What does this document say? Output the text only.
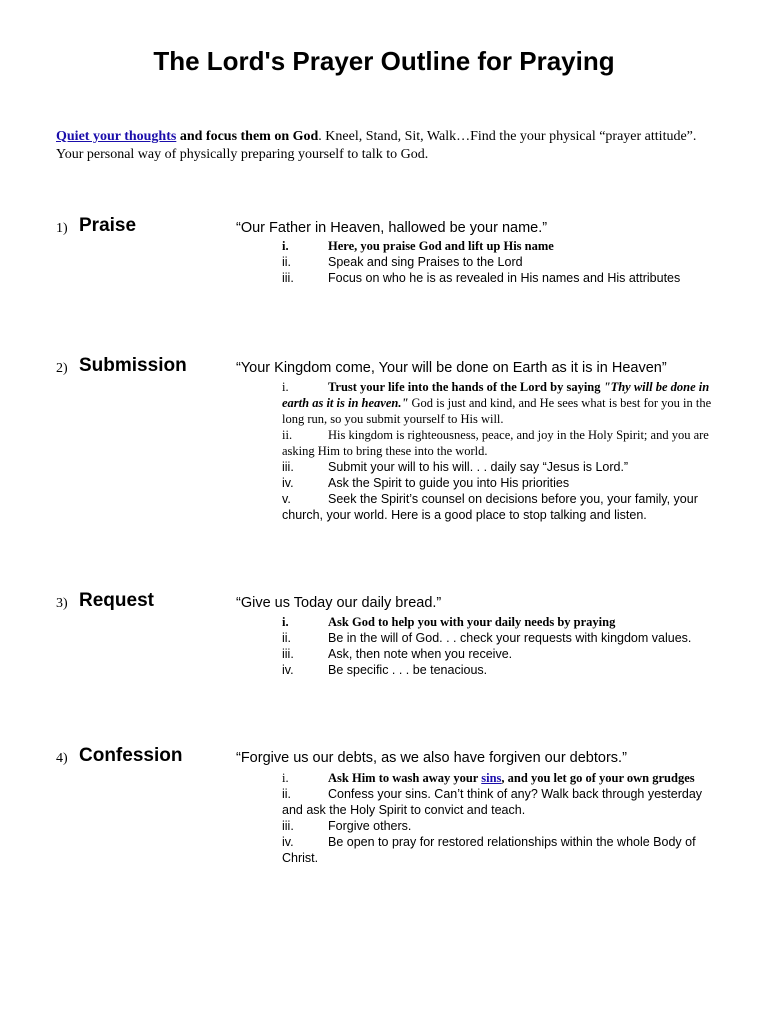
The Lord's Prayer Outline for Praying
Quiet your thoughts and focus them on God. Kneel, Stand, Sit, Walk…Find the your physical “prayer attitude”. Your personal way of physically preparing yourself to talk to God.
1) Praise	“Our Father in Heaven, hallowed be your name.”

i.	Here, you praise God and lift up His name

ii.	Speak and sing Praises to the Lord

iii.	Focus on who he is as revealed in His names and His attributes

2) Submission	“Your Kingdom come, Your will be done on Earth as it is in Heaven”

i.	Trust your life into the hands of the Lord by saying "Thy will be done in earth as it is in heaven." God is just and kind, and He sees what is best for you in the long run, so you submit yourself to His will.

ii.	His kingdom is righteousness, peace, and joy in the Holy Spirit; and you are asking Him to bring these into the world.

iii.	Submit your will to his will. . . daily say “Jesus is Lord.”

iv.	Ask the Spirit to guide you into His priorities

v.	Seek the Spirit’s counsel on decisions before you, your family, your church, your world. Here is a good place to stop talking and listen.

3) Request	“Give us Today our daily bread.”

i.	Ask God to help you with your daily needs by praying

ii.	Be in the will of God. . . check your requests with kingdom values.

iii.	Ask, then note when you receive.

iv.	Be specific . . . be tenacious.

4) Confession	“Forgive us our debts, as we also have forgiven our debtors.”

i.	Ask Him to wash away your sins, and you let go of your own grudges

ii.	Confess your sins. Can’t think of any? Walk back through yesterday and ask the Holy Spirit to convict and teach.

iii.	Forgive others.

iv.	Be open to pray for restored relationships within the whole Body of Christ.
